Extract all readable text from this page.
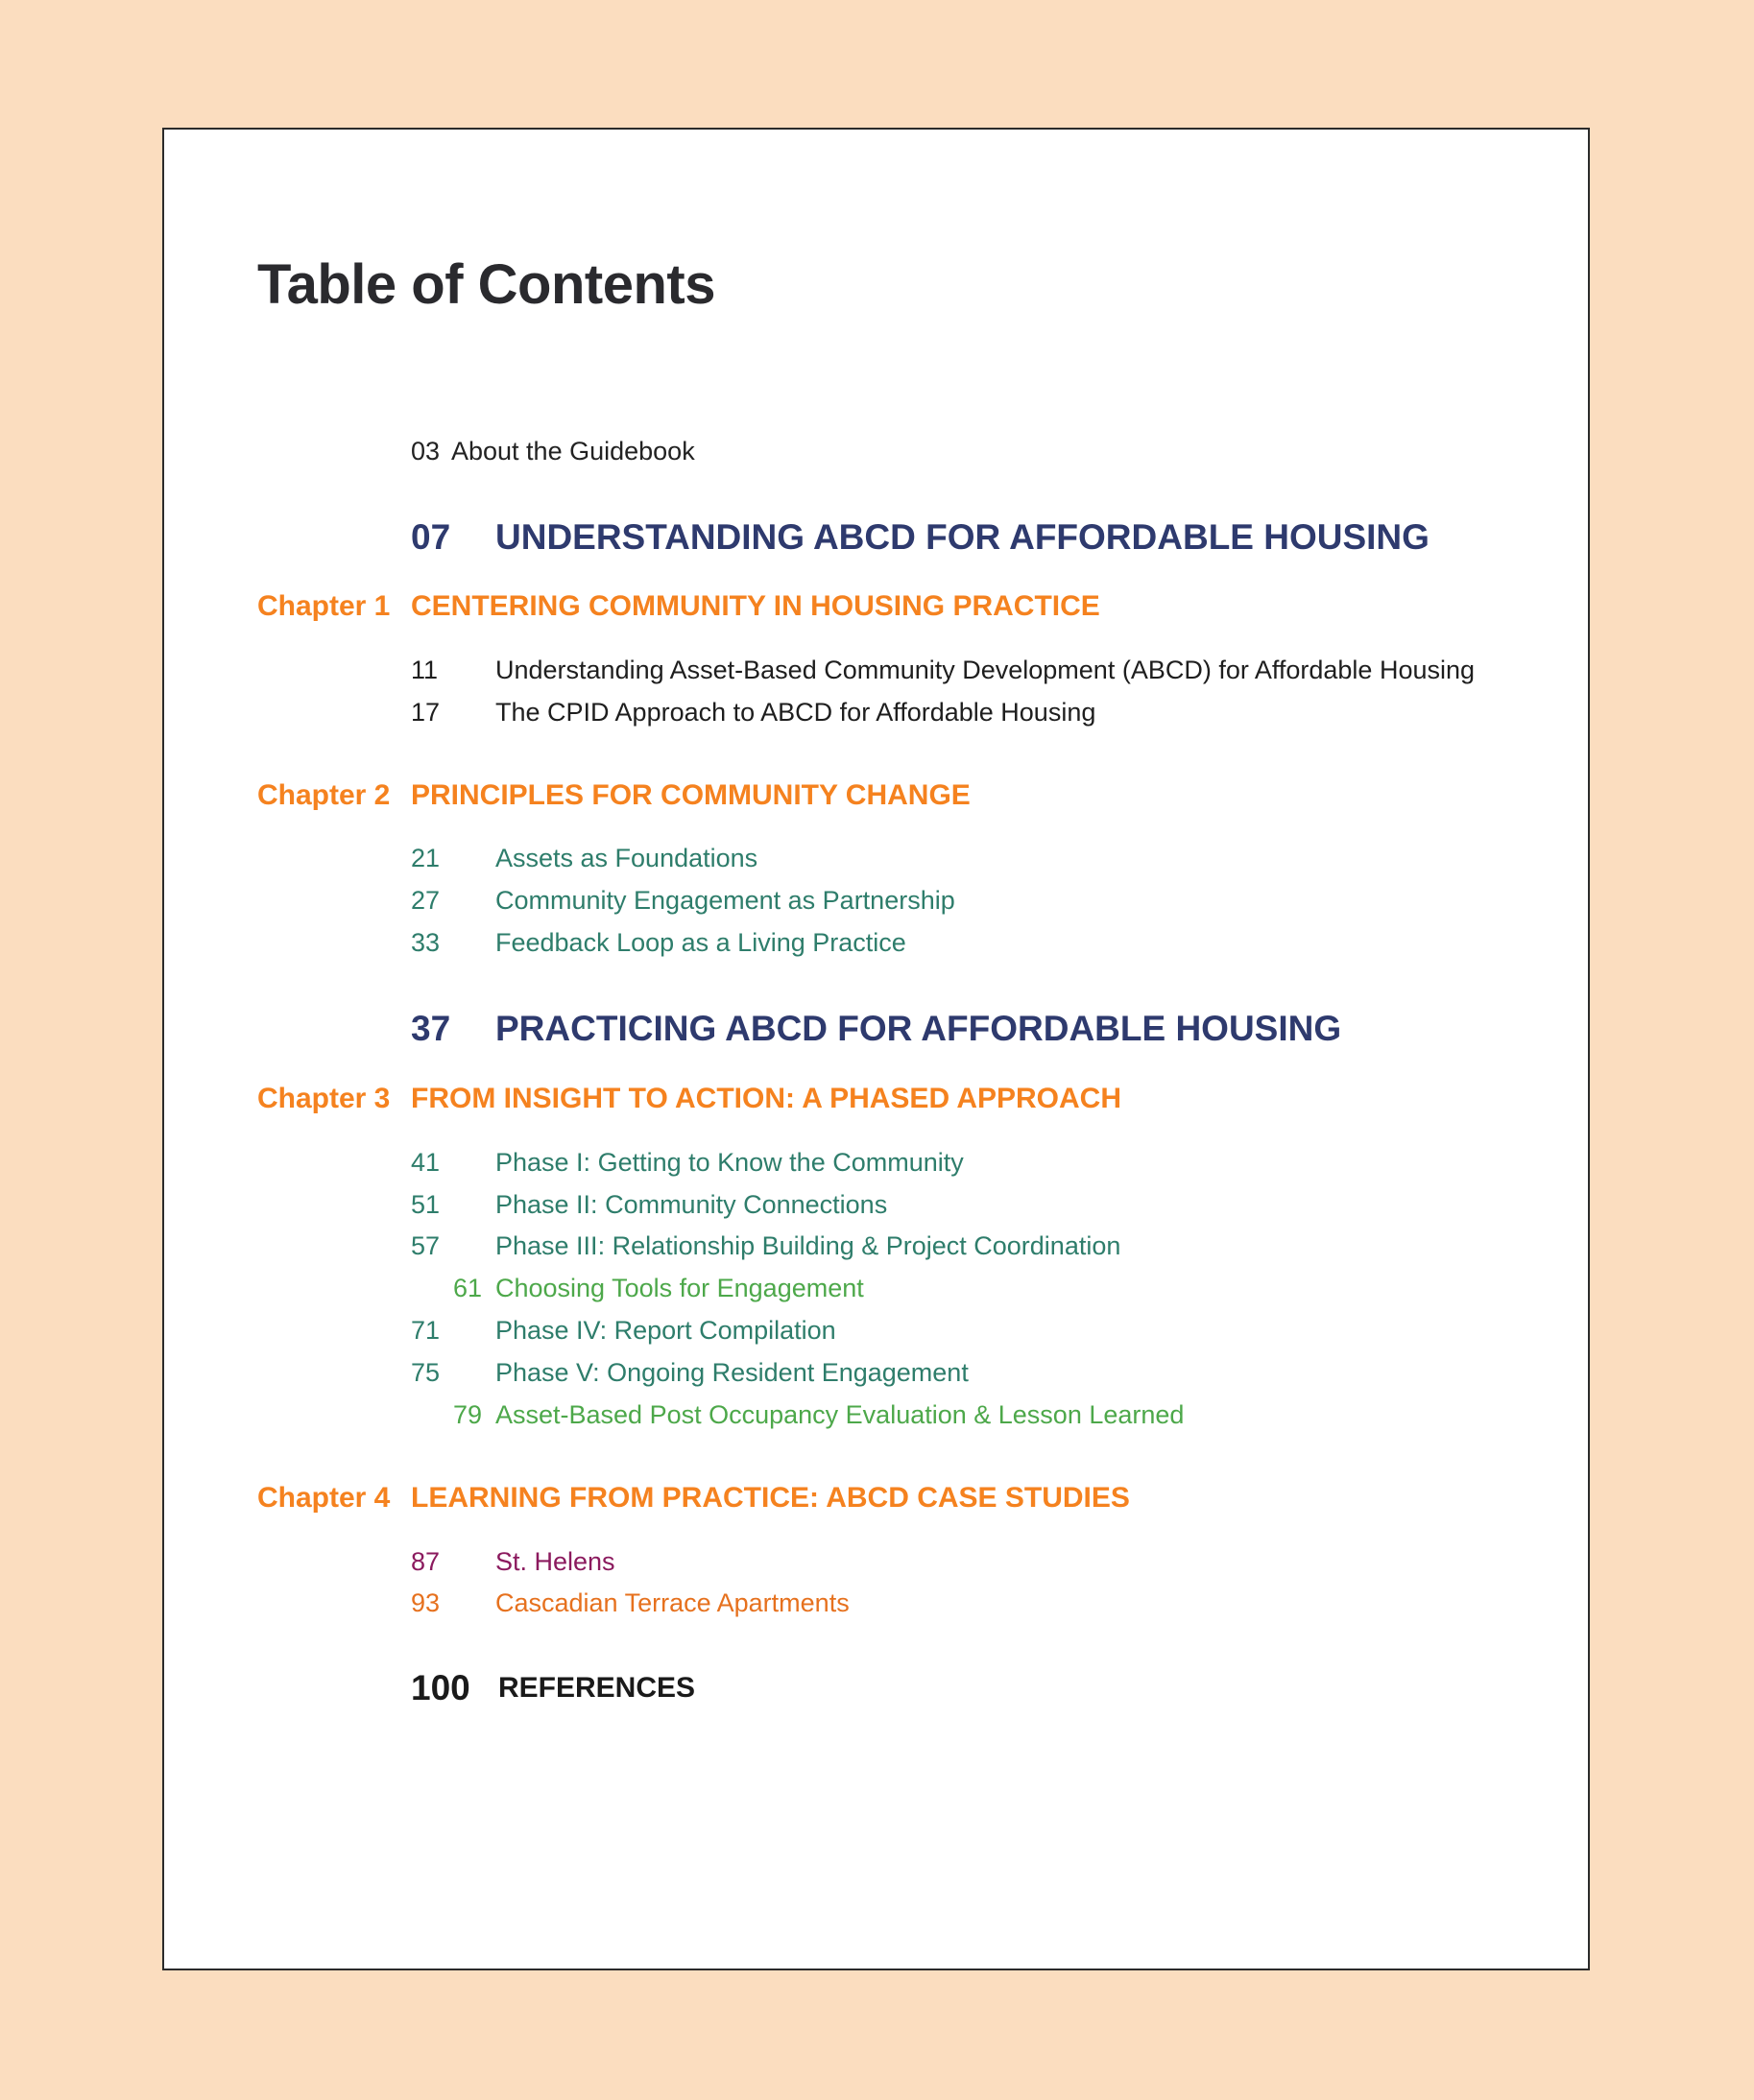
Table of Contents
03 About the Guidebook
07 UNDERSTANDING ABCD FOR AFFORDABLE HOUSING
Chapter 1 CENTERING COMMUNITY IN HOUSING PRACTICE
11 Understanding Asset-Based Community Development (ABCD) for Affordable Housing
17 The CPID Approach to ABCD for Affordable Housing
Chapter 2 PRINCIPLES FOR COMMUNITY CHANGE
21 Assets as Foundations
27 Community Engagement as Partnership
33 Feedback Loop as a Living Practice
37 PRACTICING ABCD FOR AFFORDABLE HOUSING
Chapter 3 FROM INSIGHT TO ACTION: A PHASED APPROACH
41 Phase I: Getting to Know the Community
51 Phase II: Community Connections
57 Phase III: Relationship Building & Project Coordination
61 Choosing Tools for Engagement
71 Phase IV: Report Compilation
75 Phase V: Ongoing Resident Engagement
79 Asset-Based Post Occupancy Evaluation & Lesson Learned
Chapter 4 LEARNING FROM PRACTICE: ABCD CASE STUDIES
87 St. Helens
93 Cascadian Terrace Apartments
100 REFERENCES
